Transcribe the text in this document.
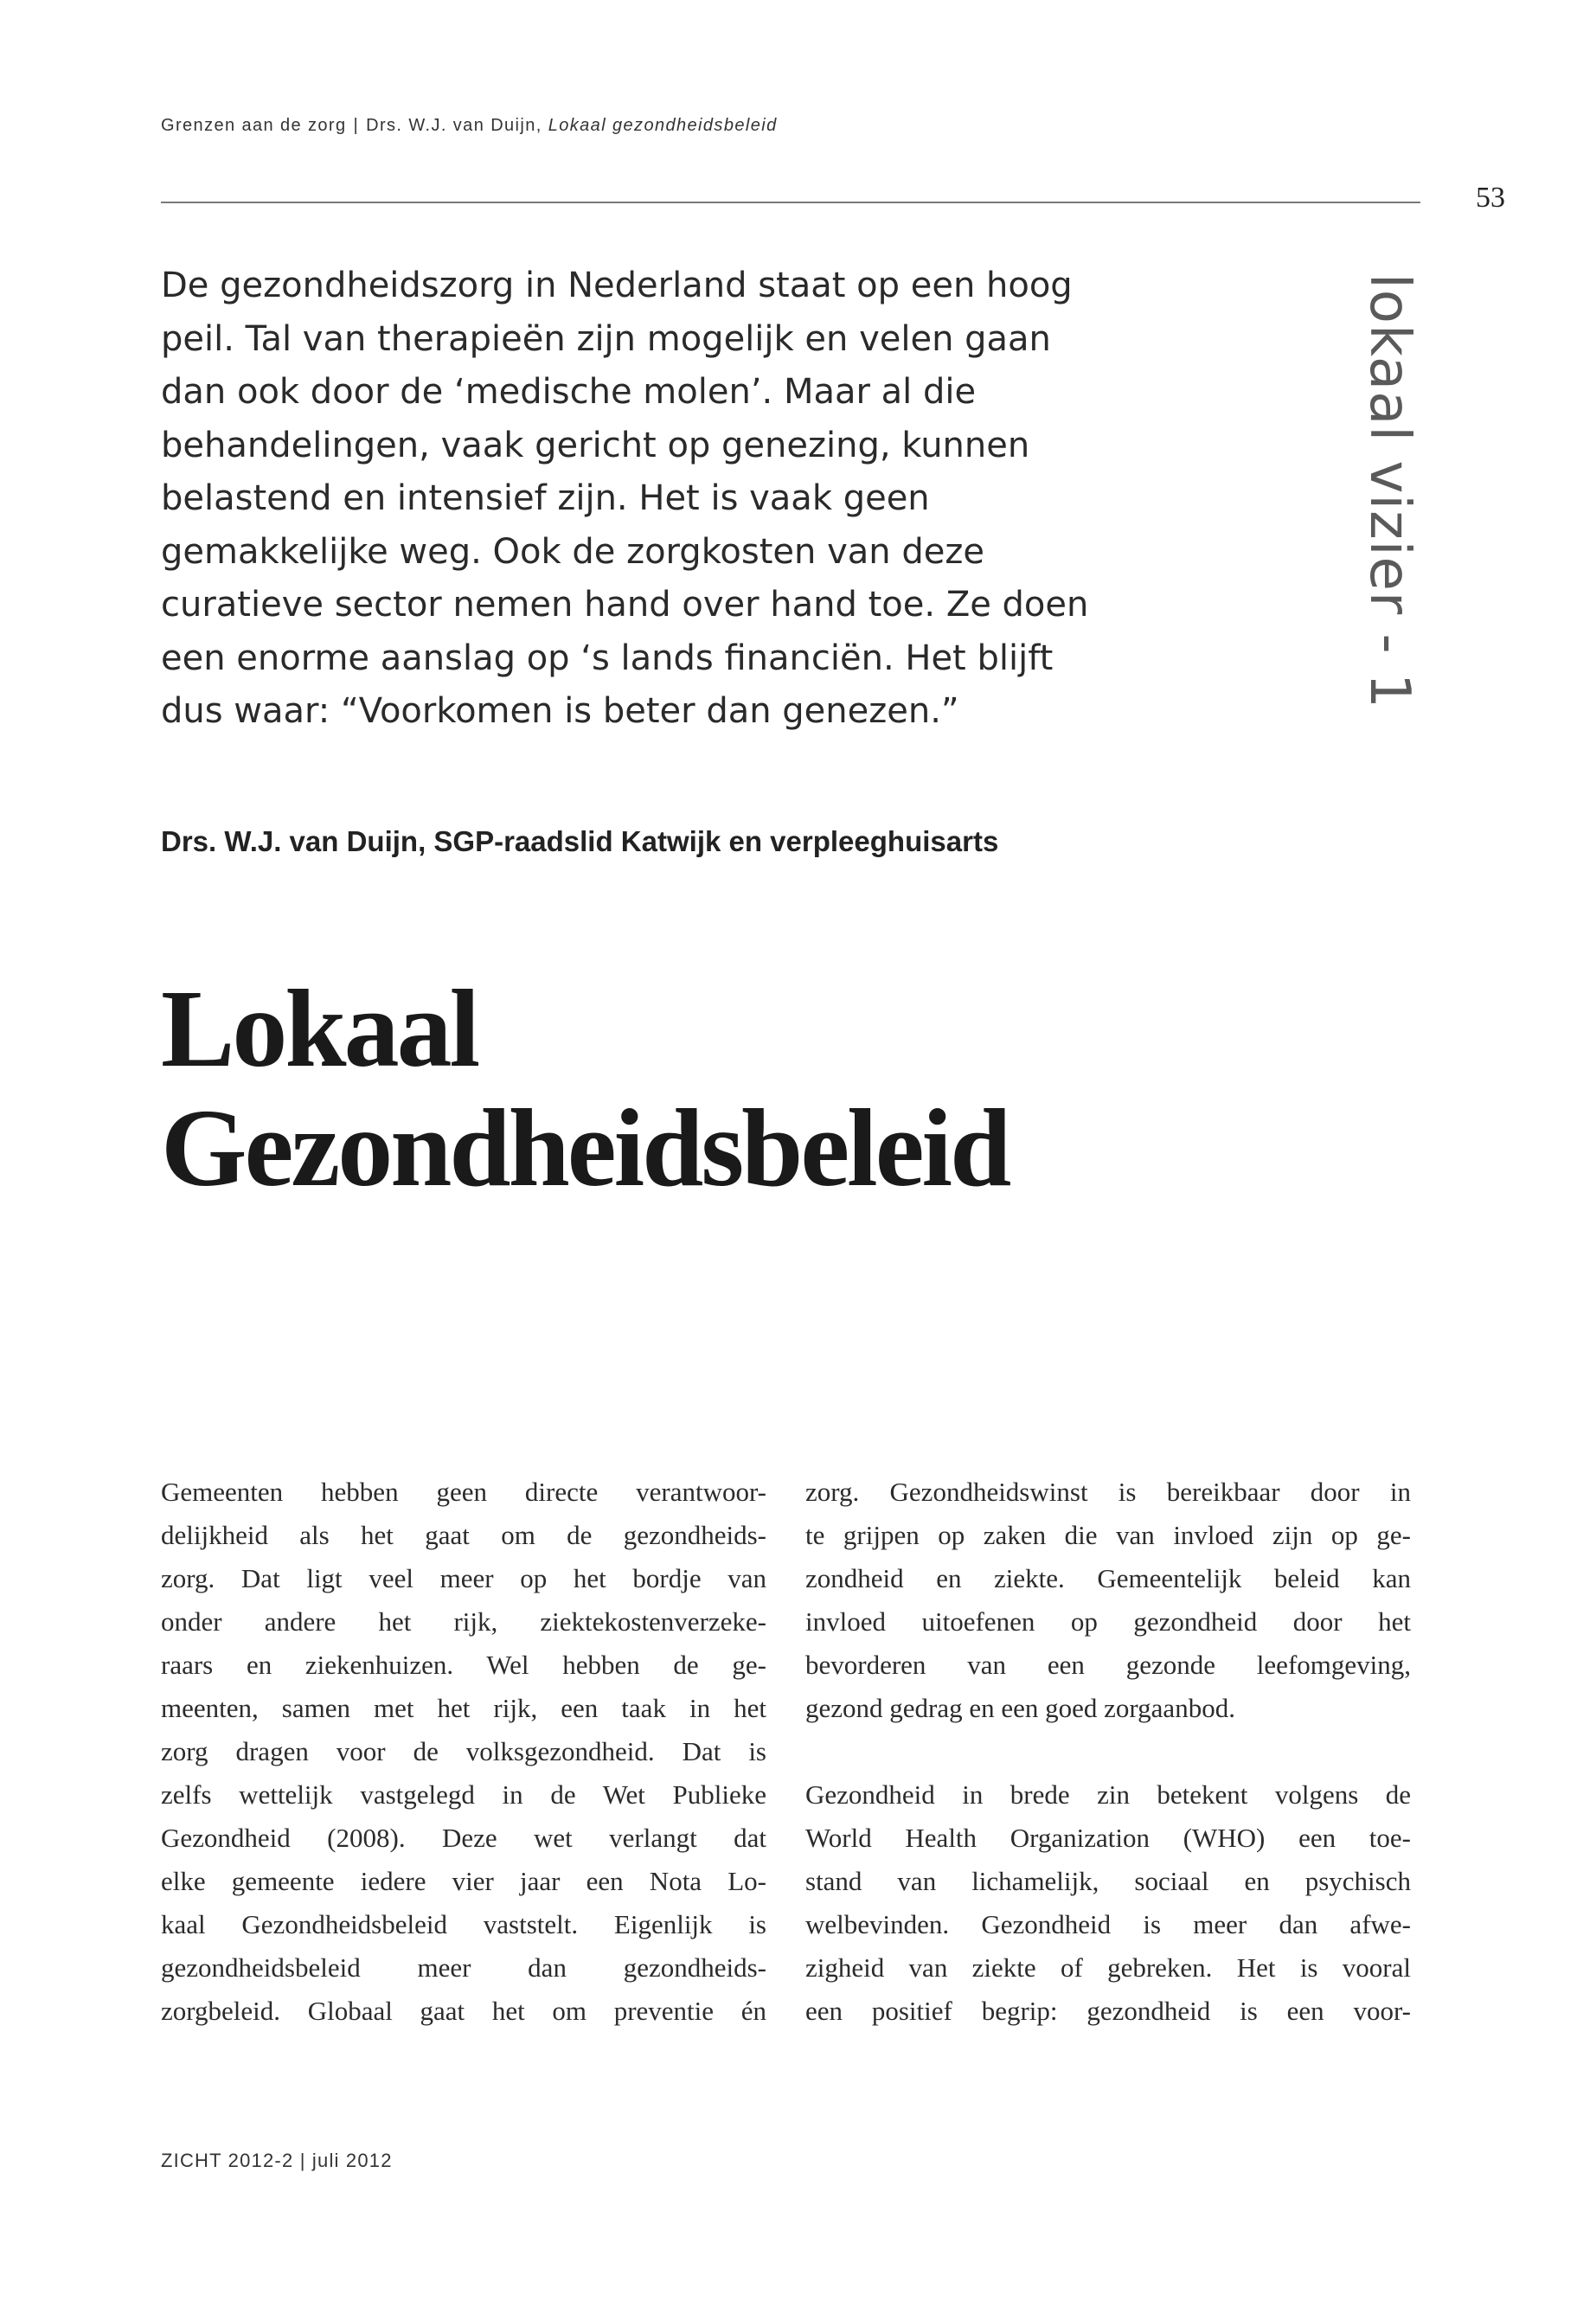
Grenzen aan de zorg | Drs. W.J. van Duijn, Lokaal gezondheidsbeleid
53
lokaal vizier - 1

De gezondheidszorg in Nederland staat op een hoog peil. Tal van therapieën zijn mogelijk en velen gaan dan ook door de ‘medische molen’. Maar al die behandelingen, vaak gericht op genezing, kunnen belastend en intensief zijn. Het is vaak geen gemakkelijke weg. Ook de zorgkosten van deze curatieve sector nemen hand over hand toe. Ze doen een enorme aanslag op ‘s lands financiën. Het blijft dus waar: “Voorkomen is beter dan genezen.”

Drs. W.J. van Duijn, SGP-raadslid Katwijk en verpleeghuisarts
Lokaal
Gezondheidsbeleid
Gemeenten hebben geen directe verantwoor-
delijkheid als het gaat om de gezondheids-
zorg. Dat ligt veel meer op het bordje van
onder andere het rijk, ziektekostenverzeke-
raars en ziekenhuizen. Wel hebben de ge-
meenten, samen met het rijk, een taak in het
zorg dragen voor de volksgezondheid. Dat is
zelfs wettelijk vastgelegd in de Wet Publieke
Gezondheid (2008). Deze wet verlangt dat
elke gemeente iedere vier jaar een Nota Lo-
kaal Gezondheidsbeleid vaststelt. Eigenlijk is
gezondheidsbeleid meer dan gezondheids-
zorgbeleid. Globaal gaat het om preventie én
zorg. Gezondheidswinst is bereikbaar door in
te grijpen op zaken die van invloed zijn op ge-
zondheid en ziekte. Gemeentelijk beleid kan
invloed uitoefenen op gezondheid door het
bevorderen van een gezonde leefomgeving,
gezond gedrag en een goed zorgaanbod.
Gezondheid in brede zin betekent volgens de
World Health Organization (WHO) een toe-
stand van lichamelijk, sociaal en psychisch
welbevinden. Gezondheid is meer dan afwe-
zigheid van ziekte of gebreken. Het is vooral
een positief begrip: gezondheid is een voor-
ZICHT 2012-2 | juli 2012
